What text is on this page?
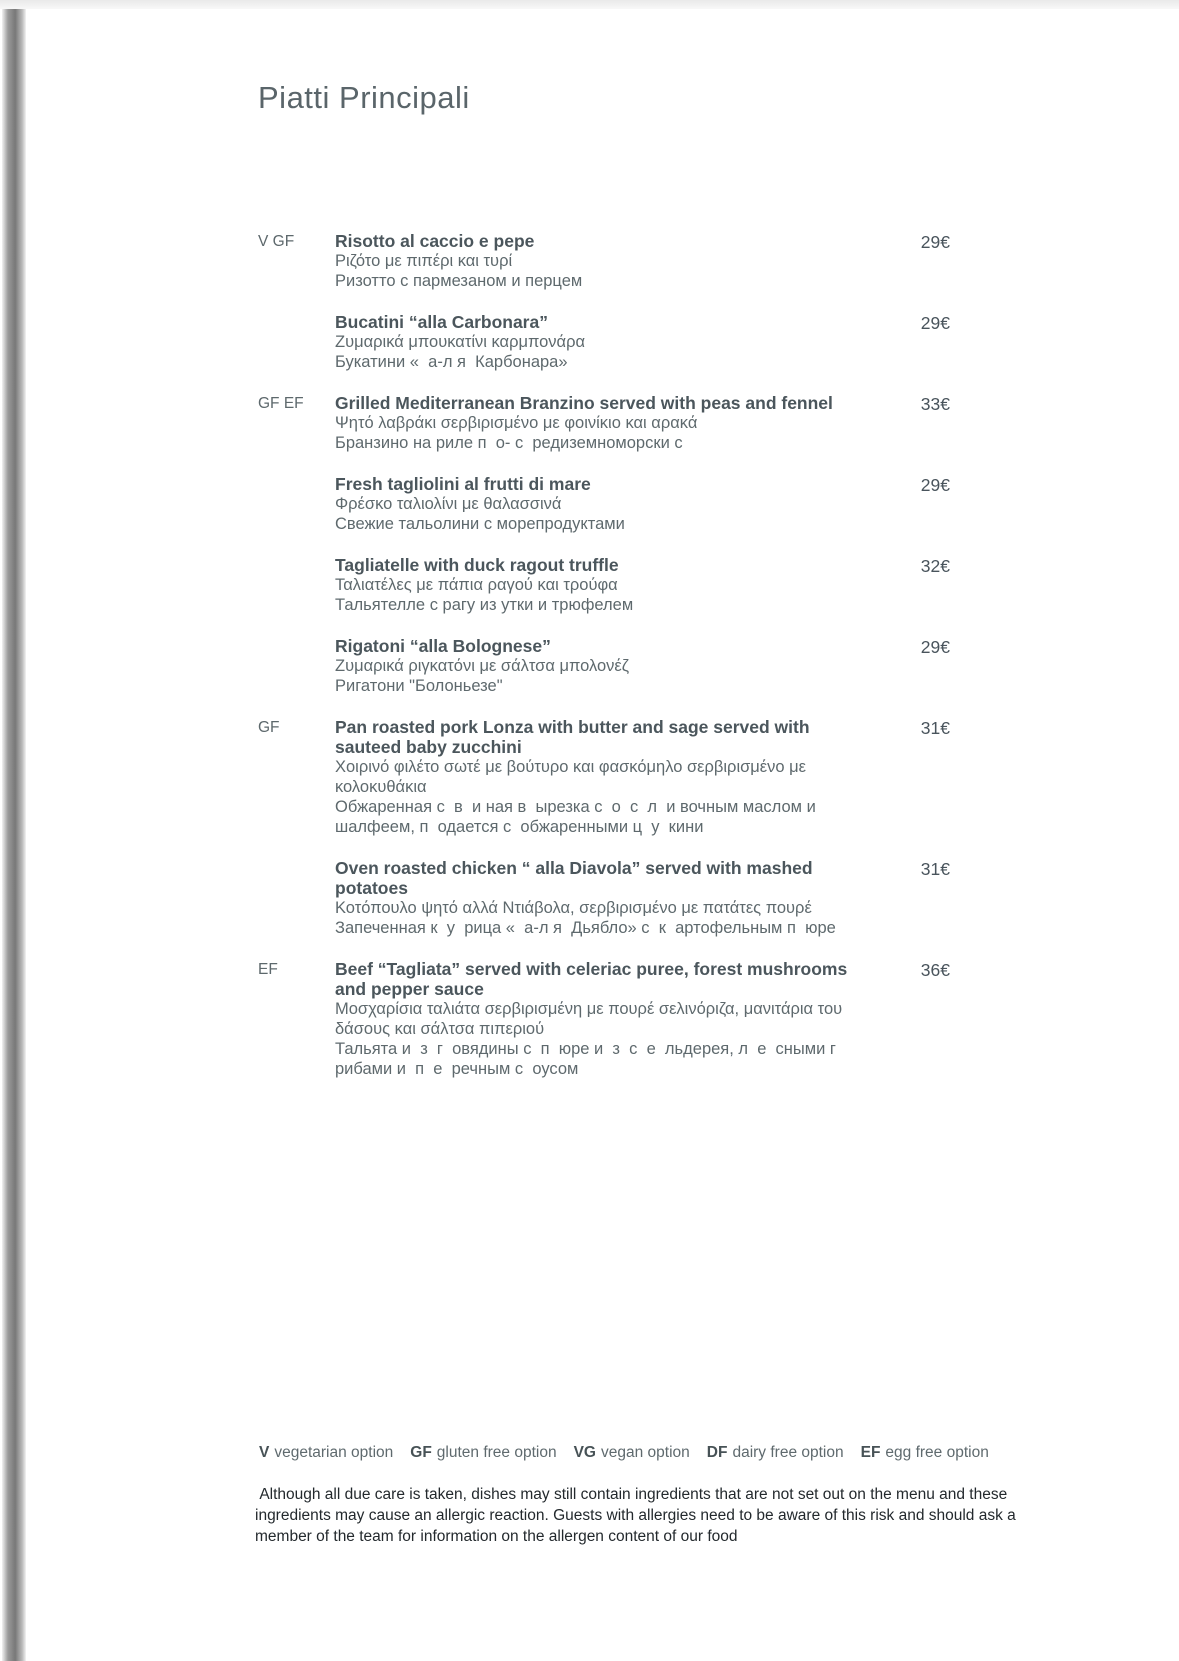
Piatti Principali
V GF	Risotto al caccio e pepe
Ριζότο με πιπέρι και τυρί
Ризотто с пармезаном и перцем
29€
Bucatini “alla Carbonara”
Ζυμαρικά μπουκατίνι καρμπονάρα
Букатини «  а-л я  Карбонара»
29€
GF EF	Grilled Mediterranean Branzino served with peas and fennel
Ψητό λαβράκι σερβιρισμένο με φοινίκιο και αρακά
Бранзино на риле п  о- с  редиземноморски с
33€
Fresh tagliolini al frutti di mare
Φρέσκο ταλιολίνι με θαλασσινά
Свежие тальолини с морепродуктами
29€
Tagliatelle with duck ragout truffle
Ταλιατέλες με πάπια ραγού και τρούφα
Тальятелле с рагу из утки и трюфелем
32€
Rigatoni “alla Bolognese”
Ζυμαρικά ριγκατόνι με σάλτσα μπολονέζ
Ригатони "Болоньезе"
29€
GF	Pan roasted pork Lonza with butter and sage served with sauteed baby zucchini
Χοιρινό φιλέτο σωτέ με βούτυρο και φασκόμηλο σερβιρισμένο με κολοκυθάκια
Обжаренная с  в  и ная в  ырезка с  о  с  л  и вочным маслом и шалфеем, п  одается с  обжаренными ц  у  кини
31€
Oven roasted chicken “ alla Diavola” served with mashed potatoes
Κοτόπουλο ψητό αλλά Ντιάβολα, σερβιρισμένο με πατάτες πουρέ
Запеченная к  у  рица «  а-л я  Дьябло» с  к  артофельным п  юре
31€
EF	Beef “Tagliata” served with celeriac puree, forest mushrooms and pepper sauce
Μοσχαρίσια ταλιάτα σερβιρισμένη με πουρέ σελινόριζα, μανιτάρια του δάσους και σάλτσα πιπεριού
Тальята и  з  г  овядины с  п  юре и  з  с  е  льдерея, л  е  сными г  рибами и  п  е  речным с  оусом
36€
V vegetarian option GF gluten free option VG vegan option DF dairy free option EF egg free option
Although all due care is taken, dishes may still contain ingredients that are not set out on the menu and these ingredients may cause an allergic reaction. Guests with allergies need to be aware of this risk and should ask a member of the team for information on the allergen content of our food
